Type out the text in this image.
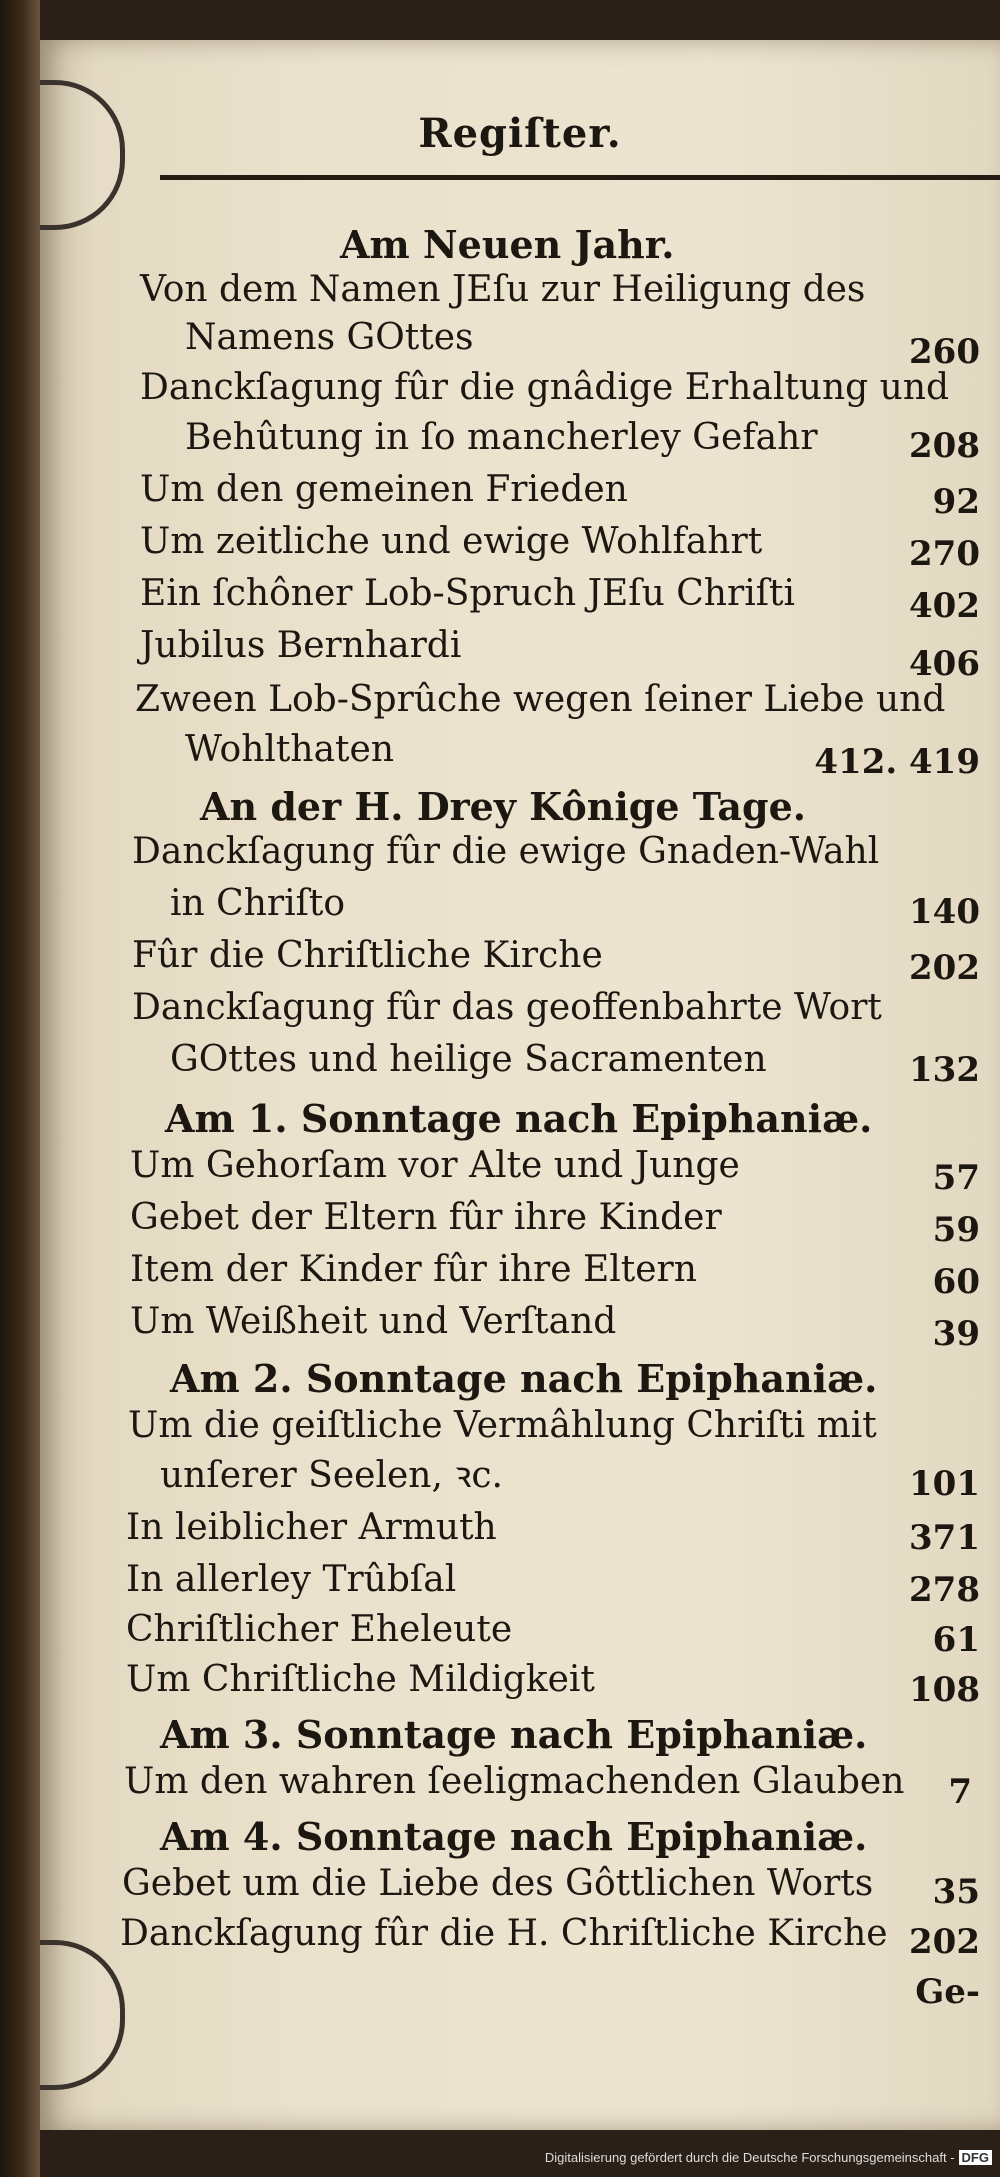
Regiſter.
Am Neuen Jahr.
Von dem Namen JEſu zur Heiligung des
Namens GOttes	260
Danckſagung fûr die gnâdige Erhaltung und
Behûtung in ſo mancherley Gefahr	208
Um den gemeinen Frieden	92
Um zeitliche und ewige Wohlfahrt	270
Ein ſchôner Lob-Spruch JEſu Chriſti	402
Jubilus Bernhardi	406
Zween Lob-Sprûche wegen ſeiner Liebe und
Wohlthaten	412. 419
An der H. Drey Kônige Tage.
Danckſagung fûr die ewige Gnaden-Wahl
in Chriſto	140
Fûr die Chriſtliche Kirche	202
Danckſagung fûr das geoffenbahrte Wort
GOttes und heilige Sacramenten	132
Am 1. Sonntage nach Epiphaniæ.
Um Gehorſam vor Alte und Junge	57
Gebet der Eltern fûr ihre Kinder	59
Item der Kinder fûr ihre Eltern	60
Um Weißheit und Verſtand	39
Am 2. Sonntage nach Epiphaniæ.
Um die geiſtliche Vermâhlung Chriſti mit
unſerer Seelen, ꝛc.	101
In leiblicher Armuth	371
In allerley Trûbſal	278
Chriſtlicher Eheleute	61
Um Chriſtliche Mildigkeit	108
Am 3. Sonntage nach Epiphaniæ.
Um den wahren ſeeligmachenden Glauben 7
Am 4. Sonntage nach Epiphaniæ.
Gebet um die Liebe des Gôttlichen Worts 35
Danckſagung fûr die H. Chriſtliche Kirche 202
Ge-
Digitalisierung gefördert durch die Deutsche Forschungsgemeinschaft - DFG
